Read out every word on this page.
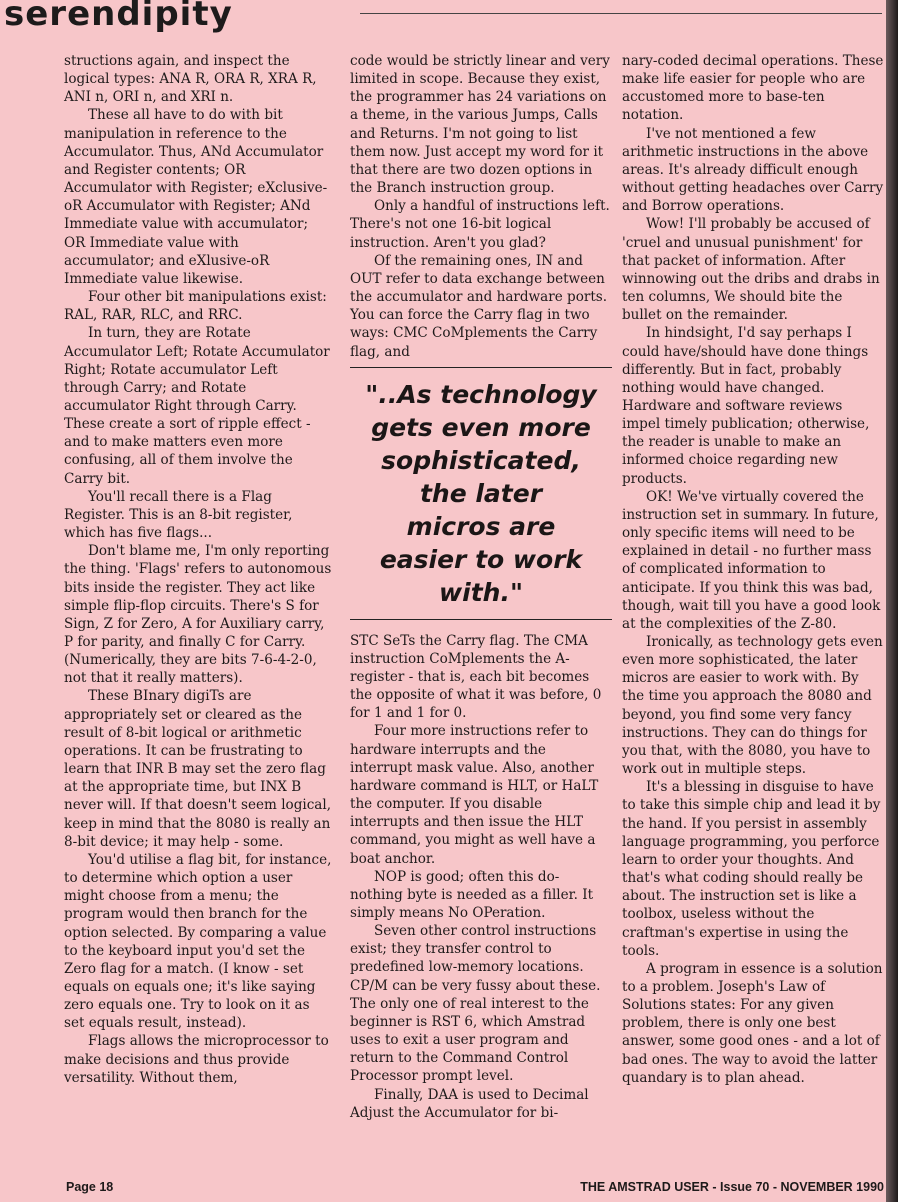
serendipity

structions again, and inspect the logical types: ANA R, ORA R, XRA R, ANI n, ORI n, and XRI n.

These all have to do with bit manipulation in reference to the Accumulator. Thus, ANd Accumulator and Register contents; OR Accumulator with Register; eXclusive-oR Accumulator with Register; ANd Immediate value with accumulator; OR Immediate value with accumulator; and eXlusive-oR Immediate value likewise.

Four other bit manipulations exist: RAL, RAR, RLC, and RRC.

In turn, they are Rotate Accumulator Left; Rotate Accumulator Right; Rotate accumulator Left through Carry; and Rotate accumulator Right through Carry. These create a sort of ripple effect - and to make matters even more confusing, all of them involve the Carry bit.

You'll recall there is a Flag Register. This is an 8-bit register, which has five flags...

Don't blame me, I'm only reporting the thing. 'Flags' refers to autonomous bits inside the register. They act like simple flip-flop circuits. There's S for Sign, Z for Zero, A for Auxiliary carry, P for parity, and finally C for Carry. (Numerically, they are bits 7-6-4-2-0, not that it really matters).

These BInary digiTs are appropriately set or cleared as the result of 8-bit logical or arithmetic operations. It can be frustrating to learn that INR B may set the zero flag at the appropriate time, but INX B never will. If that doesn't seem logical, keep in mind that the 8080 is really an 8-bit device; it may help - some.

You'd utilise a flag bit, for instance, to determine which option a user might choose from a menu; the program would then branch for the option selected. By comparing a value to the keyboard input you'd set the Zero flag for a match. (I know - set equals on equals one; it's like saying zero equals one. Try to look on it as set equals result, instead).

Flags allows the microprocessor to make decisions and thus provide versatility. Without them,

code would be strictly linear and very limited in scope. Because they exist, the programmer has 24 variations on a theme, in the various Jumps, Calls and Returns. I'm not going to list them now. Just accept my word for it that there are two dozen options in the Branch instruction group.

Only a handful of instructions left. There's not one 16-bit logical instruction. Aren't you glad?

Of the remaining ones, IN and OUT refer to data exchange between the accumulator and hardware ports. You can force the Carry flag in two ways: CMC CoMplements the Carry flag, and

"..As technology

gets even more

sophisticated,

the later

micros are

easier to work

with."

STC SeTs the Carry flag. The CMA instruction CoMplements the A-register - that is, each bit becomes the opposite of what it was before, 0 for 1 and 1 for 0.

Four more instructions refer to hardware interrupts and the interrupt mask value. Also, another hardware command is HLT, or HaLT the computer. If you disable interrupts and then issue the HLT command, you might as well have a boat anchor.

NOP is good; often this do-nothing byte is needed as a filler. It simply means No OPeration.

Seven other control instructions exist; they transfer control to predefined low-memory locations. CP/M can be very fussy about these. The only one of real interest to the beginner is RST 6, which Amstrad uses to exit a user program and return to the Command Control Processor prompt level.

Finally, DAA is used to Decimal Adjust the Accumulator for bi-

nary-coded decimal operations. These make life easier for people who are accustomed more to base-ten notation.

I've not mentioned a few arithmetic instructions in the above areas. It's already difficult enough without getting headaches over Carry and Borrow operations.

Wow! I'll probably be accused of 'cruel and unusual punishment' for that packet of information. After winnowing out the dribs and drabs in ten columns, We should bite the bullet on the remainder.

In hindsight, I'd say perhaps I could have/should have done things differently. But in fact, probably nothing would have changed. Hardware and software reviews impel timely publication; otherwise, the reader is unable to make an informed choice regarding new products.

OK! We've virtually covered the instruction set in summary. In future, only specific items will need to be explained in detail - no further mass of complicated information to anticipate. If you think this was bad, though, wait till you have a good look at the complexities of the Z-80.

Ironically, as technology gets even even more sophisticated, the later micros are easier to work with. By the time you approach the 8080 and beyond, you find some very fancy instructions. They can do things for you that, with the 8080, you have to work out in multiple steps.

It's a blessing in disguise to have to take this simple chip and lead it by the hand. If you persist in assembly language programming, you perforce learn to order your thoughts. And that's what coding should really be about. The instruction set is like a toolbox, useless without the craftman's expertise in using the tools.

A program in essence is a solution to a problem. Joseph's Law of Solutions states: For any given problem, there is only one best answer, some good ones - and a lot of bad ones. The way to avoid the latter quandary is to plan ahead.

Page 18	THE AMSTRAD USER - Issue 70 - NOVEMBER 1990
